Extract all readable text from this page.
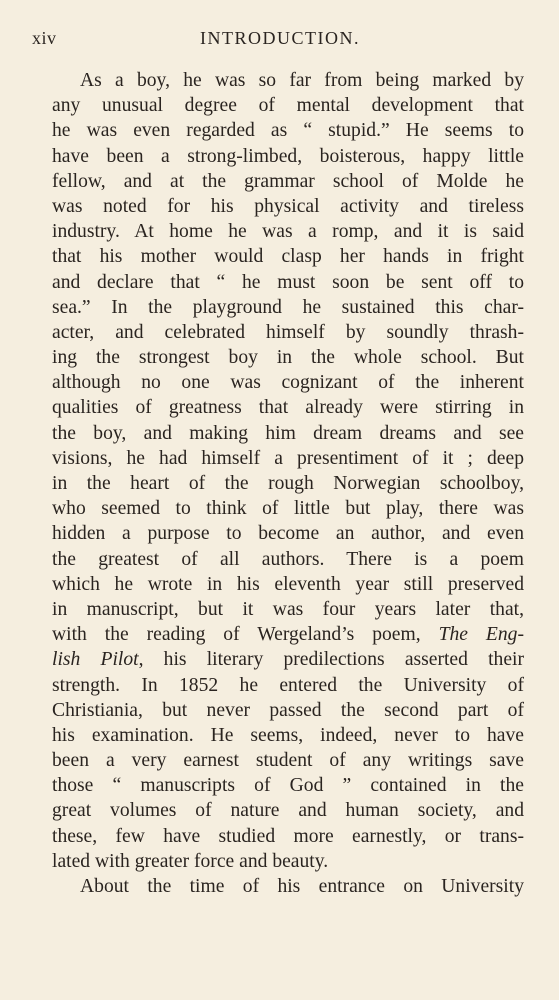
xiv	INTRODUCTION.
As a boy, he was so far from being marked by
any unusual degree of mental development that
he was even regarded as “ stupid.” He seems to
have been a strong-limbed, boisterous, happy little
fellow, and at the grammar school of Molde he
was noted for his physical activity and tireless
industry. At home he was a romp, and it is said
that his mother would clasp her hands in fright
and declare that “ he must soon be sent off to
sea.” In the playground he sustained this char-
acter, and celebrated himself by soundly thrash-
ing the strongest boy in the whole school. But
although no one was cognizant of the inherent
qualities of greatness that already were stirring in
the boy, and making him dream dreams and see
visions, he had himself a presentiment of it ; deep
in the heart of the rough Norwegian schoolboy,
who seemed to think of little but play, there was
hidden a purpose to become an author, and even
the greatest of all authors. There is a poem
which he wrote in his eleventh year still preserved
in manuscript, but it was four years later that,
with the reading of Wergeland’s poem, The Eng-
lish Pilot, his literary predilections asserted their
strength. In 1852 he entered the University of
Christiania, but never passed the second part of
his examination. He seems, indeed, never to have
been a very earnest student of any writings save
those “ manuscripts of God ” contained in the
great volumes of nature and human society, and
these, few have studied more earnestly, or trans-
lated with greater force and beauty.
About the time of his entrance on University
